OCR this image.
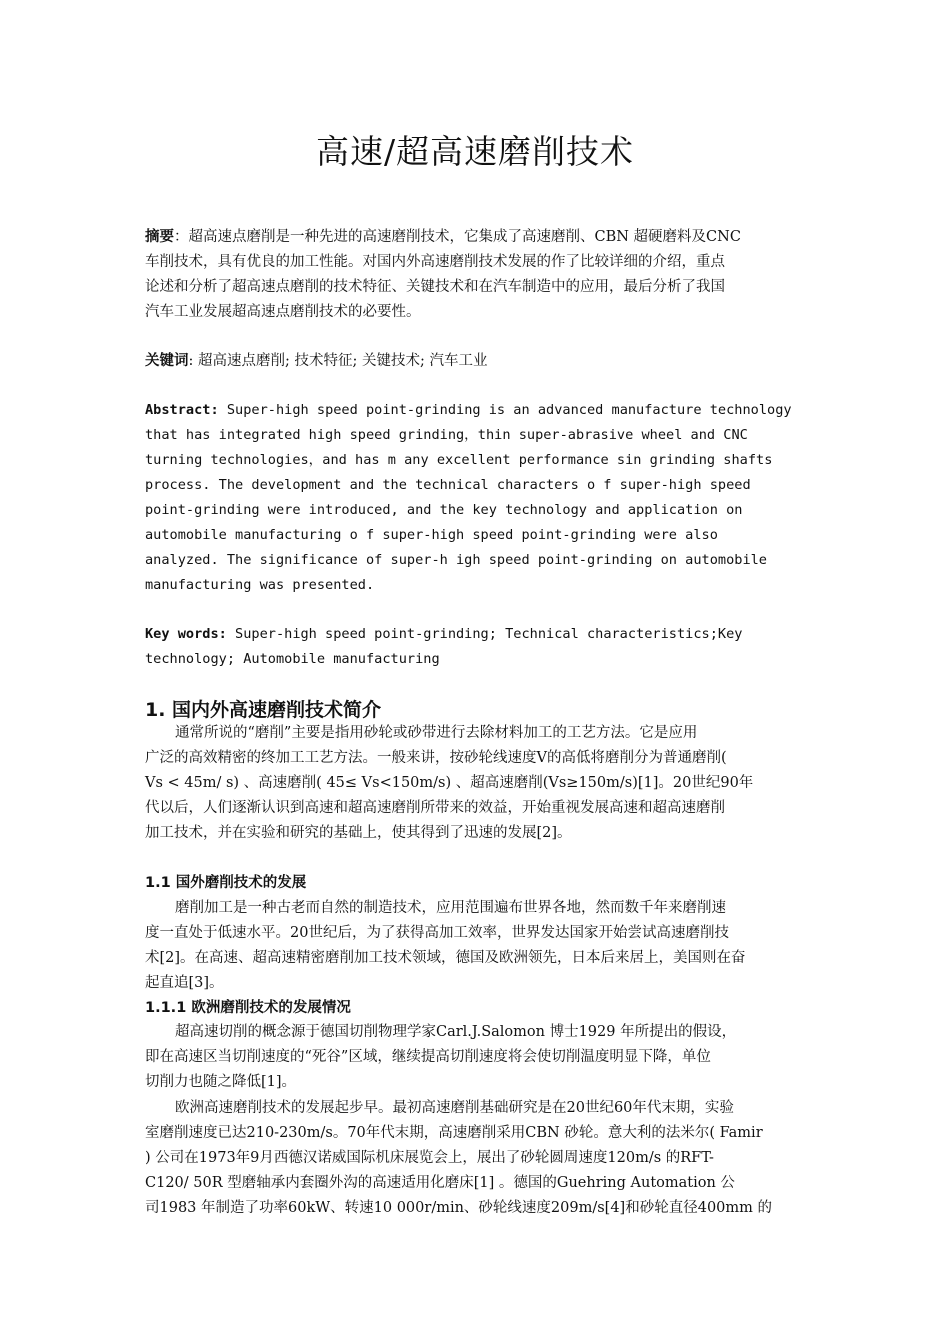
高速/超高速磨削技术
摘要：超高速点磨削是一种先进的高速磨削技术，它集成了高速磨削、CBN 超硬磨料及CNC
车削技术，具有优良的加工性能。对国内外高速磨削技术发展的作了比较详细的介绍，重点
论述和分析了超高速点磨削的技术特征、关键技术和在汽车制造中的应用，最后分析了我国
汽车工业发展超高速点磨削技术的必要性。
关键词: 超高速点磨削; 技术特征; 关键技术; 汽车工业
Abstract: Super-high speed point-grinding is an advanced manufacture technology
that has integrated high speed grinding，thin super-abrasive wheel and CNC
turning technologies，and has m any excellent performance sin grinding shafts
process. The development and the technical characters o f super-high speed
point-grinding were introduced, and the key technology and application on
automobile manufacturing o f super-high speed point-grinding were also
analyzed. The significance of super-h igh speed point-grinding on automobile
manufacturing was presented.
Key words: Super-high speed point-grinding; Technical characteristics;Key
technology; Automobile manufacturing
1. 国内外高速磨削技术简介
通常所说的“磨削”主要是指用砂轮或砂带进行去除材料加工的工艺方法。它是应用
广泛的高效精密的终加工工艺方法。一般来讲，按砂轮线速度V的高低将磨削分为普通磨削(
Vs < 45m/ s) 、高速磨削( 45≤ Vs<150m/s) 、超高速磨削(Vs≥150m/s)[1]。20世纪90年
代以后，人们逐渐认识到高速和超高速磨削所带来的效益，开始重视发展高速和超高速磨削
加工技术，并在实验和研究的基础上，使其得到了迅速的发展[2]。
1.1 国外磨削技术的发展
磨削加工是一种古老而自然的制造技术，应用范围遍布世界各地，然而数千年来磨削速
度一直处于低速水平。20世纪后，为了获得高加工效率，世界发达国家开始尝试高速磨削技
术[2]。在高速、超高速精密磨削加工技术领域，德国及欧洲领先，日本后来居上，美国则在奋
起直追[3]。
1.1.1 欧洲磨削技术的发展情况
超高速切削的概念源于德国切削物理学家Carl.J.Salomon 博士1929 年所提出的假设，
即在高速区当切削速度的“死谷”区域，继续提高切削速度将会使切削温度明显下降，单位
切削力也随之降低[1]。
欧洲高速磨削技术的发展起步早。最初高速磨削基础研究是在20世纪60年代末期，实验
室磨削速度已达210-230m/s。70年代末期，高速磨削采用CBN 砂轮。意大利的法米尔( Famir
) 公司在1973年9月西德汉诺威国际机床展览会上，展出了砂轮圆周速度120m/s 的RFT-
C120/ 50R 型磨轴承内套圈外沟的高速适用化磨床[1] 。德国的Guehring Automation 公
司1983 年制造了功率60kW、转速10 000r/min、砂轮线速度209m/s[4]和砂轮直径400mm 的
